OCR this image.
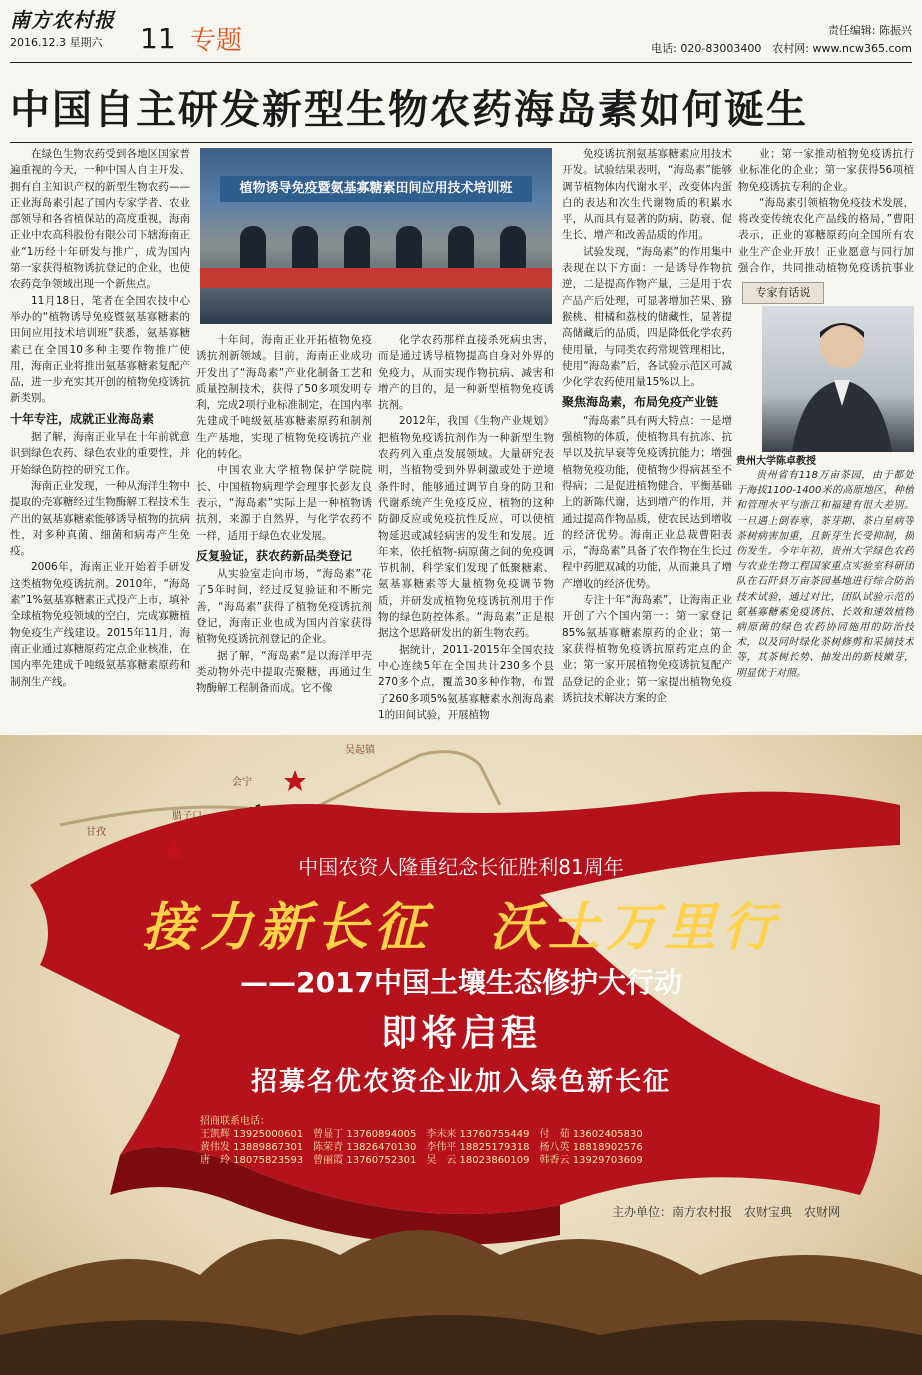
南方农村报
2016.12.3 星期六 11 专题	责任编辑: 陈振兴
电话: 020-83003400　农村网: www.ncw365.com
中国自主研发新型生物农药海岛素如何诞生

在绿色生物农药受到各地区国家普遍重视的今天，一种中国人自主开发、拥有自主知识产权的新型生物农药——正业海岛素引起了国内专家学者、农业部领导和各省植保站的高度重视，海南正业中农高科股份有限公司下辖海南正业“1历经十年研发与推广，成为国内第一家获得植物诱抗登记的企业，也使农药竞争领域出现一个新焦点。

11月18日，笔者在全国农技中心举办的“植物诱导免疫暨氨基寡糖素的田间应用技术培训班”获悉，氨基寡糖素已在全国10多种主要作物推广使用，海南正业将推出氨基寡糖素复配产品，进一步充实其开创的植物免疫诱抗新类别。

十年专注，成就正业海岛素

据了解，海南正业早在十年前就意识到绿色农药、绿色农业的重要性，并开始绿色防控的研究工作。

海南正业发现，一种从海洋生物中提取的壳寡糖经过生物酶解工程技术生产出的氨基寡糖素能够诱导植物的抗病性，对多种真菌、细菌和病毒产生免疫。

2006年，海南正业开始着手研发这类植物免疫诱抗剂。2010年，“海岛素”1%氨基寡糖素正式投产上市，填补全球植物免疫领域的空白，完成寡糖植物免疫生产线建设。2015年11月，海南正业通过寡糖原药定点企业核准，在国内率先建成千吨级氨基寡糖素原药和制剂生产线。

植物诱导免疫暨氨基寡糖素田间应用技术培训班

十年间，海南正业开拓植物免疫诱抗剂新领域。目前，海南正业成功开发出了“海岛素”产业化制备工艺和质量控制技术，获得了50多项发明专利，完成2项行业标准制定，在国内率先建成千吨级氨基寡糖素原药和制剂生产基地，实现了植物免疫诱抗产业化的转化。

中国农业大学植物保护学院院长、中国植物病理学会理事长彭友良表示，“海岛素”实际上是一种植物诱抗剂，来源于自然界，与化学农药不一样，适用于绿色农业发展。

反复验证，获农药新品类登记

从实验室走向市场，“海岛素”花了5年时间，经过反复验证和不断完善，“海岛素”获得了植物免疫诱抗剂登记，海南正业也成为国内首家获得植物免疫诱抗剂登记的企业。

据了解，“海岛素”是以海洋甲壳类动物外壳中提取壳聚糖，再通过生物酶解工程制备而成。它不像

化学农药那样直接杀死病虫害，而是通过诱导植物提高自身对外界的免疫力，从而实现作物抗病、减害和增产的目的，是一种新型植物免疫诱抗剂。

2012年，我国《生物产业规划》把植物免疫诱抗剂作为一种新型生物农药列入重点发展领域。大量研究表明，当植物受到外界刺激或处于逆境条件时，能够通过调节自身的防卫和代谢系统产生免疫反应，植物的这种防御反应或免疫抗性反应，可以使植物延迟或减轻病害的发生和发展。近年来，依托植物-病原菌之间的免疫调节机制，科学家们发现了低聚糖素、氨基寡糖素等大量植物免疫调节物质，并研发成植物免疫诱抗剂用于作物的绿色防控体系。“海岛素”正是根据这个思路研发出的新生物农药。

据统计，2011-2015年全国农技中心连续5年在全国共计230多个县270多个点，覆盖30多种作物，布置了260多项5%氨基寡糖素水剂海岛素1的田间试验，开展植物

免疫诱抗剂氨基寡糖素应用技术开发。试验结果表明，“海岛素”能够调节植物体内代谢水平，改变体内蛋白的表达和次生代谢物质的积累水平，从而具有显著的防病、防衰、促生长、增产和改善品质的作用。

试验发现，“海岛素”的作用集中表现在以下方面：一是诱导作物抗逆，二是提高作物产量，三是用于农产品产后处理，可显著增加芒果、猕猴桃、柑橘和荔枝的储藏性，显著提高储藏后的品质，四是降低化学农药使用量，与同类农药常规管理相比，使用“海岛素”后，各试验示范区可减少化学农药使用量15%以上。

聚焦海岛素，布局免疫产业链

“海岛素”具有两大特点：一是增强植物的体质，使植物具有抗冻、抗旱以及抗早衰等免疫诱抗能力；增强植物免疫功能，使植物少得病甚至不得病；二是促进植物健合、平衡基础上的新陈代谢，达到增产的作用，并通过提高作物品质，使农民达到增收的经济优势。海南正业总裁曹阳表示，“海岛素”具备了农作物在生长过程中药肥双减的功能，从而兼具了增产增收的经济优势。

专注十年“海岛素”，让海南正业开创了六个国内第一：第一家登记85%氨基寡糖素原药的企业；第一家获得植物免疫诱抗原药定点的企业；第一家开展植物免疫诱抗复配产品登记的企业；第一家提出植物免疫诱抗技术解决方案的企

业；第一家推动植物免疫诱抗行业标准化的企业；第一家获得56项植物免疫诱抗专利的企业。

“海岛素引领植物免疫技术发展，将改变传统农化产品线的格局，”曹阳表示，正业的寡糖原药向全国所有农业生产企业开放！正业愿意与同行加强合作，共同推动植物免疫诱抗事业

专家有话说
贵州大学陈卓教授

贵州省有118万亩茶园，由于都处于海拔1100-1400米的高原地区，种植和管理水平与浙江和福建有很大差别。一旦遇上倒春寒，茶芽期、茶白星病等茶树病害加重，且新芽生长受抑制，损伤发生。今年年初，贵州大学绿色农药与农业生物工程国家重点实验室科研团队在石阡县万亩茶园基地进行综合防治技术试验，通过对比，团队试验示范的氨基寡糖素免疫诱抗、长效和速效植物病原菌的绿色农药协同施用的防治技术，以及同时绿化茶树修剪和采摘技术等，其茶树长势、抽发出的新枝嫩芽，明显优于对照。

吴起镇
会宁
腊子口
甘孜
中国农资人隆重纪念长征胜利81周年
接力新长征　沃土万里行
——2017中国土壤生态修护大行动
即将启程
招募名优农资企业加入绿色新长征
招商联系电话：
王凯辉 13925000601 曾显丁 13760894005 李未来 13760755449 付　茹 13602405830
黄伟发 13889867301 陈荣青 13826470130 李伟平 18825179318 杨八英 18818902576
唐　玲 18075823593 曾丽霞 13760752301 吴　云 18023860109 韩香云 13929703609
主办单位：南方农村报　农财宝典　农财网
